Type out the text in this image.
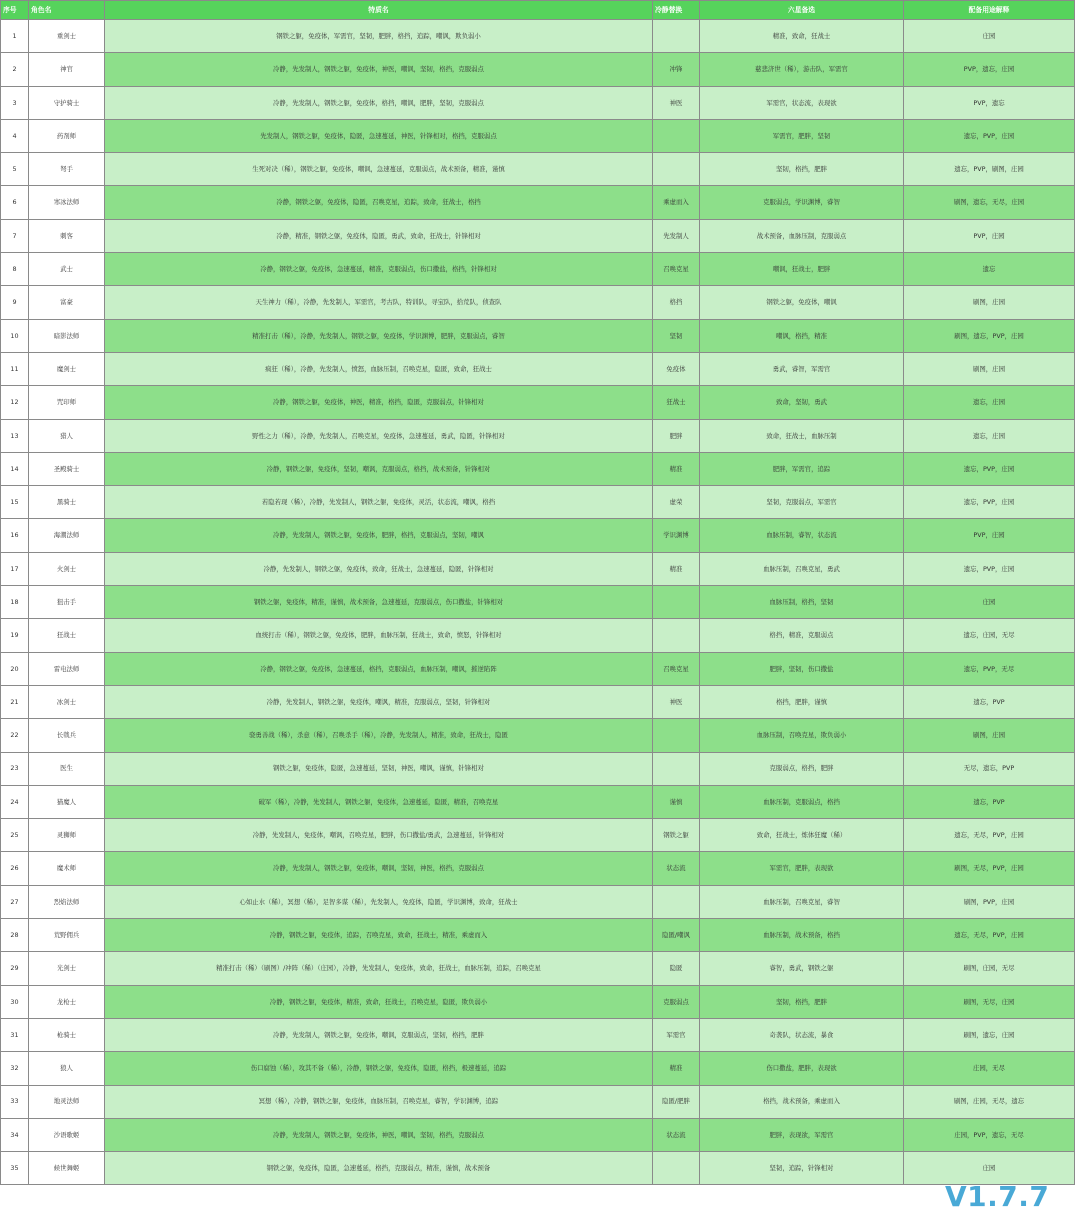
序号	角色名	特质名	冷静替换	六星备选	配备用途解释
1	重剑士	钢铁之躯，免疫体，军需官，坚韧，肥胖，格挡，追踪，嘲讽，欺负弱小		精准，致命，狂战士	庄园
2	神官	冷静，先发制人，钢铁之躯，免疫体，神医，嘲讽，坚韧，格挡，克服弱点	冲锋	慈悲济世（稀），游击队，军需官	PVP，遗忘，庄园
3	守护骑士	冷静，先发制人，钢铁之躯，免疫体，格挡，嘲讽，肥胖，坚韧，克服弱点	神医	军需官，状态流，表现欲	PVP，遗忘
4	药剂师	先发制人，钢铁之躯，免疫体，隐匿，急速蔓延，神医，针锋相对，格挡，克服弱点		军需官，肥胖，坚韧	遗忘，PVP，庄园
5	弩手	生死对决（稀），钢铁之躯，免疫体，嘲讽，急速蔓延，克服弱点，战术预备，精准，谨慎		坚韧，格挡，肥胖	遗忘，PVP，刷图，庄园
6	寒冰法师	冷静，钢铁之躯，免疫体，隐匿，召唤克星，追踪，致命，狂战士，格挡	乘虚而入	克服弱点，学识渊博，睿智	刷图，遗忘，无尽，庄园
7	刺客	冷静，精准，钢铁之躯，免疫体，隐匿，勇武，致命，狂战士，针锋相对	先发制人	战术预备，血脉压制，克服弱点	PVP，庄园
8	武士	冷静，钢铁之躯，免疫体，急速蔓延，精准，克服弱点，伤口撒盐，格挡，针锋相对	召唤克星	嘲讽，狂战士，肥胖	遗忘
9	富豪	天生神力（稀），冷静，先发制人，军需官，考古队，特训队，寻宝队，拾荒队，侦查队	格挡	钢铁之躯，免疫体，嘲讽	刷图，庄园
10	暗影法师	精准打击（稀），冷静，先发制人，钢铁之躯，免疫体，学识渊博，肥胖，克服弱点，睿智	坚韧	嘲讽，格挡，精准	刷图，遗忘，PVP，庄园
11	魔剑士	疯狂（稀），冷静，先发制人，愤怒，血脉压制，召唤克星，隐匿，致命，狂战士	免疫体	勇武，睿智，军需官	刷图，庄园
12	咒印师	冷静，钢铁之躯，免疫体，神医，精准，格挡，隐匿，克服弱点，针锋相对	狂战士	致命，坚韧，勇武	遗忘，庄园
13	猎人	野性之力（稀），冷静，先发制人，召唤克星，免疫体，急速蔓延，勇武，隐匿，针锋相对	肥胖	致命，狂战士，血脉压制	遗忘，庄园
14	圣殿骑士	冷静，钢铁之躯，免疫体，坚韧，嘲讽，克服弱点，格挡，战术预备，针锋相对	精准	肥胖，军需官，追踪	遗忘，PVP，庄园
15	黑骑士	若隐若现（稀），冷静，先发制人，钢铁之躯，免疫体，灵活，状态流，嘲讽，格挡	虚荣	坚韧，克服弱点，军需官	遗忘，PVP，庄园
16	海潮法师	冷静，先发制人，钢铁之躯，免疫体，肥胖，格挡，克服弱点，坚韧，嘲讽	学识渊博	血脉压制，睿智，状态流	PVP，庄园
17	火剑士	冷静，先发制人，钢铁之躯，免疫体，致命，狂战士，急速蔓延，隐匿，针锋相对	精准	血脉压制，召唤克星，勇武	遗忘，PVP，庄园
18	狙击手	钢铁之躯，免疫体，精准，谨慎，战术预备，急速蔓延，克服弱点，伤口撒盐，针锋相对		血脉压制，格挡，坚韧	庄园
19	狂战士	血统打击（稀），钢铁之躯，免疫体，肥胖，血脉压制，狂战士，致命，愤怒，针锋相对		格挡，精准，克服弱点	遗忘，庄园，无尽
20	雷电法师	冷静，钢铁之躯，免疫体，急速蔓延，格挡，克服弱点，血脉压制，嘲讽，摧逆陷阵	召唤克星	肥胖，坚韧，伤口撒盐	遗忘，PVP，无尽
21	冰剑士	冷静，先发制人，钢铁之躯，免疫体，嘲讽，精准，克服弱点，坚韧，针锋相对	神医	格挡，肥胖，谨慎	遗忘，PVP
22	长戟兵	骁勇善战（稀），杀意（稀），召唤杀手（稀），冷静，先发制人，精准，致命，狂战士，隐匿		血脉压制，召唤克星，欺负弱小	刷图，庄园
23	医生	钢铁之躯，免疫体，隐匿，急速蔓延，坚韧，神医，嘲讽，谨慎，针锋相对		克服弱点，格挡，肥胖	无尽，遗忘，PVP
24	猫魔人	破军（稀），冷静，先发制人，钢铁之躯，免疫体，急速蔓延，隐匿，精准，召唤克星	谨慎	血脉压制，克服弱点，格挡	遗忘，PVP
25	灵狮师	冷静，先发制人，免疫体，嘲讽，召唤克星，肥胖，伤口撒盐/勇武，急速蔓延，针锋相对	钢铁之躯	致命，狂战士，炼体狂魔（稀）	遗忘，无尽，PVP，庄园
26	魔术师	冷静，先发制人，钢铁之躯，免疫体，嘲讽，坚韧，神医，格挡，克服弱点	状态流	军需官，肥胖，表现欲	刷图，无尽，PVP，庄园
27	烈焰法师	心如止水（稀），冥想（稀），足智多谋（稀），先发制人，免疫体，隐匿，学识渊博，致命，狂战士		血脉压制，召唤克星，睿智	刷图，PVP，庄园
28	荒野佣兵	冷静，钢铁之躯，免疫体，追踪，召唤克星，致命，狂战士，精准，乘虚而入	隐匿/嘲讽	血脉压制，战术预备，格挡	遗忘，无尽，PVP，庄园
29	光剑士	精准打击（稀）（刷图）/冲阵（稀）（庄园），冷静，先发制人，免疫体，致命，狂战士，血脉压制，追踪，召唤克星	隐匿	睿智，勇武，钢铁之躯	刷图，庄园，无尽
30	龙枪士	冷静，钢铁之躯，免疫体，精准，致命，狂战士，召唤克星，隐匿，欺负弱小	克服弱点	坚韧，格挡，肥胖	刷图，无尽，庄园
31	枪骑士	冷静，先发制人，钢铁之躯，免疫体，嘲讽，克服弱点，坚韧，格挡，肥胖	军需官	奇袭队，状态流，暴食	刷图，遗忘，庄园
32	狼人	伤口腐蚀（稀），攻其不备（稀），冷静，钢铁之躯，免疫体，隐匿，格挡，极速蔓延，追踪	精准	伤口撒盐，肥胖，表现欲	庄园，无尽
33	地灵法师	冥想（稀），冷静，钢铁之躯，免疫体，血脉压制，召唤克星，睿智，学识渊博，追踪	隐匿/肥胖	格挡，战术预备，乘虚而入	刷图，庄园，无尽，遗忘
34	沙语歌姬	冷静，先发制人，钢铁之躯，免疫体，神医，嘲讽，坚韧，格挡，克服弱点	状态流	肥胖，表现欲，军需官	庄园，PVP，遗忘，无尽
35	候世舞姬	钢铁之躯，免疫体，隐匿，急速蔓延，格挡，克服弱点，精准，谨慎，战术预备		坚韧，追踪，针锋相对	庄园
V1.7.7
